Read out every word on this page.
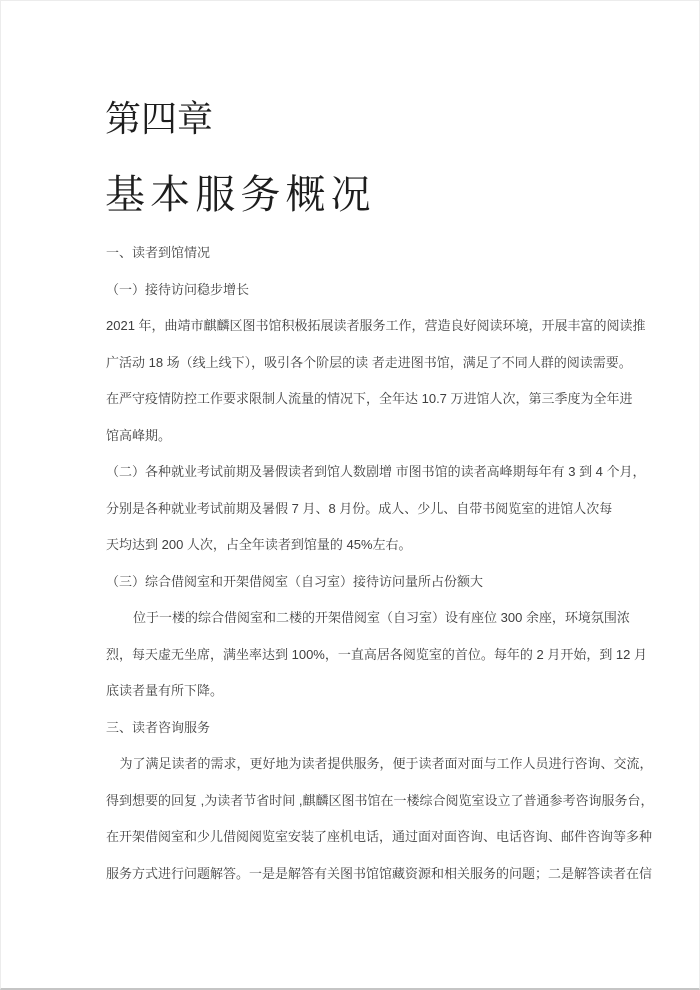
第四章
基 本 服 务 概 况
一、读者到馆情况
（一）接待访问稳步增长
2021 年，曲靖市麒麟区图书馆积极拓展读者服务工作，营造良好阅读环境，开展丰富的阅读推
广活动 18 场（线上线下），吸引各个阶层的读 者走进图书馆，满足了不同人群的阅读需要。
在严守疫情防控工作要求限制人流量的情况下，全年达 10.7 万进馆人次，第三季度为全年进
馆高峰期。
（二）各种就业考试前期及暑假读者到馆人数剧增 市图书馆的读者高峰期每年有 3 到 4 个月，
分别是各种就业考试前期及暑假 7 月、8 月份。成人、少儿、自带书阅览室的进馆人次每
天均达到 200 人次，占全年读者到馆量的 45%左右。
（三）综合借阅室和开架借阅室（自习室）接待访问量所占份额大
位于一楼的综合借阅室和二楼的开架借阅室（自习室）设有座位 300 余座，环境氛围浓
烈，每天虚无坐席，满坐率达到 100%，一直高居各阅览室的首位。每年的 2 月开始，到 12 月
底读者量有所下降。
三、读者咨询服务
为了满足读者的需求，更好地为读者提供服务，便于读者面对面与工作人员进行咨询、交流，
得到想要的回复 ,为读者节省时间 ,麒麟区图书馆在一楼综合阅览室设立了普通参考咨询服务台，
在开架借阅室和少儿借阅阅览室安装了座机电话，通过面对面咨询、电话咨询、邮件咨询等多种
服务方式进行问题解答。一是是解答有关图书馆馆藏资源和相关服务的问题；二是解答读者在信
